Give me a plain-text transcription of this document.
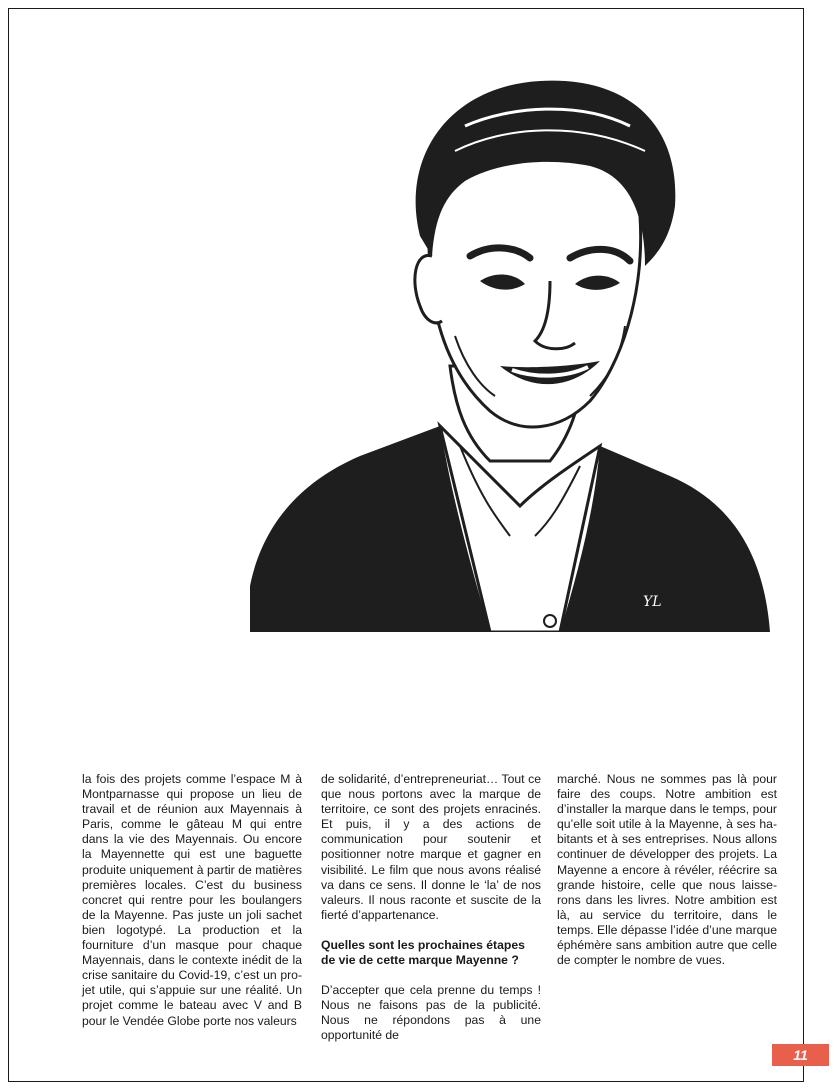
YL

la fois des projets comme l’espace M à Montparnasse qui propose un lieu de travail et de réunion aux Mayennais à Paris, comme le gâteau M qui entre dans la vie des Mayennais. Ou encore la Mayennette qui est une baguette produite uniquement à partir de matières premières locales. C’est du business concret qui rentre pour les boulangers de la Mayenne. Pas juste un joli sachet bien logotypé. La production et la fourniture d’un masque pour chaque Mayennais, dans le contexte inédit de la crise sanitaire du Covid-19, c’est un projet utile, qui s’appuie sur une réalité. Un projet comme le bateau avec V and B pour le Vendée Globe porte nos valeurs

de solidarité, d’entrepreneuriat… Tout ce que nous portons avec la marque de territoire, ce sont des projets enracinés. Et puis, il y a des actions de communication pour soutenir et positionner notre marque et gagner en visibilité. Le film que nous avons réalisé va dans ce sens. Il donne le ‘la’ de nos valeurs. Il nous raconte et suscite de la fierté d’appartenance.

Quelles sont les prochaines étapes de vie de cette marque Mayenne ?

D’accepter que cela prenne du temps ! Nous ne faisons pas de la publicité. Nous ne répondons pas à une opportunité de

marché. Nous ne sommes pas là pour faire des coups. Notre ambition est d’installer la marque dans le temps, pour qu’elle soit utile à la Mayenne, à ses habitants et à ses entreprises. Nous allons continuer de développer des projets. La Mayenne a encore à révéler, réécrire sa grande histoire, celle que nous laisserons dans les livres. Notre ambition est là, au service du territoire, dans le temps. Elle dépasse l’idée d’une marque éphémère sans ambition autre que celle de compter le nombre de vues.

11
